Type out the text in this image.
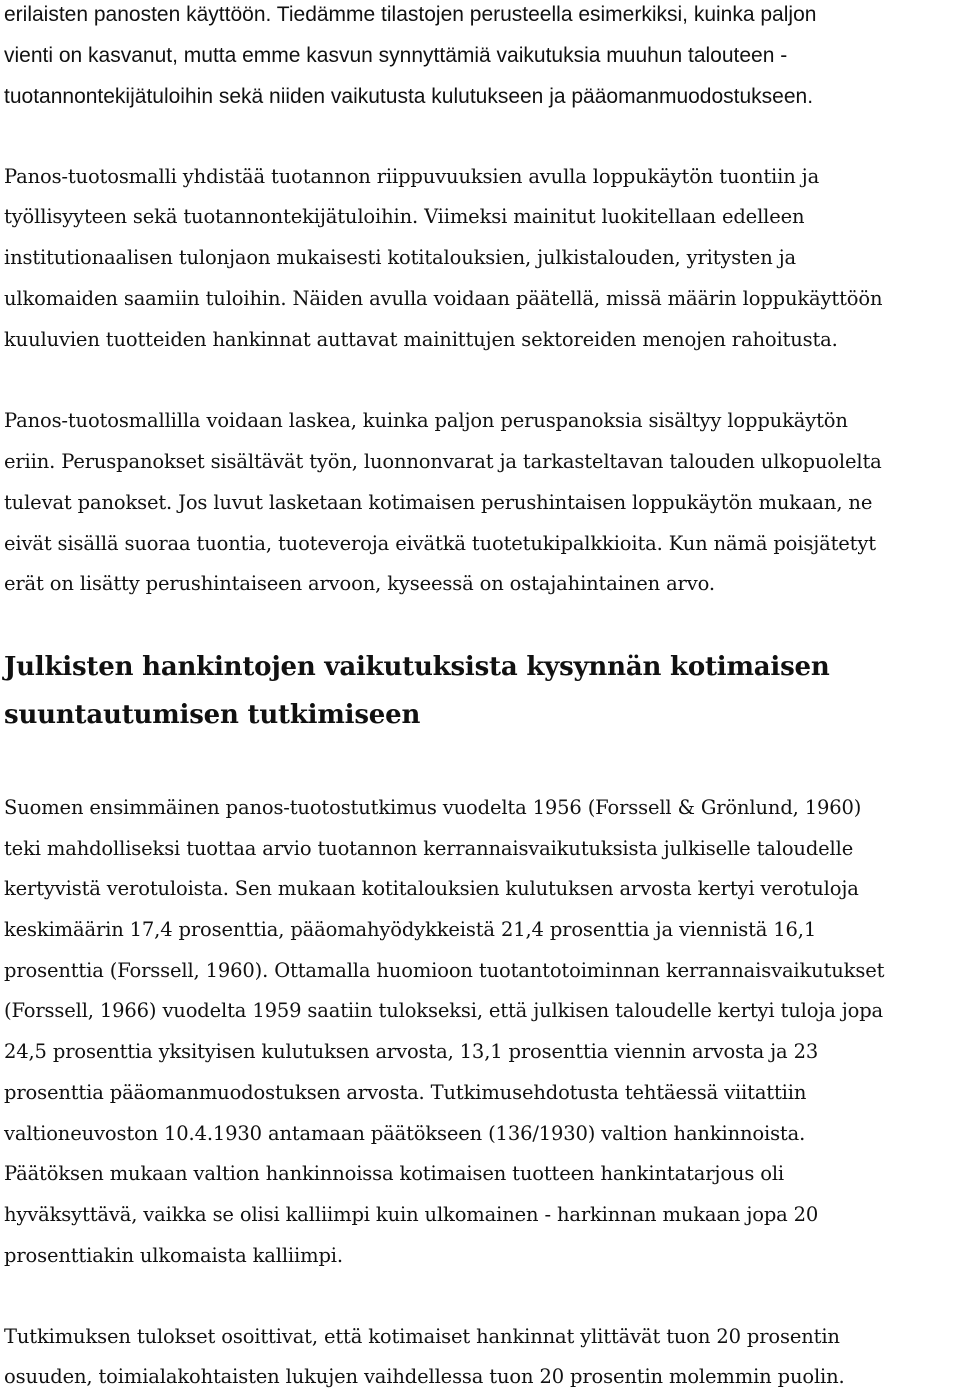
erilaisten panosten käyttöön. Tiedämme tilastojen perusteella esimerkiksi, kuinka paljon
vienti on kasvanut, mutta emme kasvun synnyttämiä vaikutuksia muuhun talouteen -
tuotannontekijätuloihin sekä niiden vaikutusta kulutukseen ja pääomanmuodostukseen.
Panos-tuotosmalli yhdistää tuotannon riippuvuuksien avulla loppukäytön tuontiin ja
työllisyyteen sekä tuotannontekijätuloihin. Viimeksi mainitut luokitellaan edelleen
institutionaalisen tulonjaon mukaisesti kotitalouksien, julkistalouden, yritysten ja
ulkomaiden saamiin tuloihin. Näiden avulla voidaan päätellä, missä määrin loppukäyttöön
kuuluvien tuotteiden hankinnat auttavat mainittujen sektoreiden menojen rahoitusta.
Panos-tuotosmallilla voidaan laskea, kuinka paljon peruspanoksia sisältyy loppukäytön
eriin. Peruspanokset sisältävät työn, luonnonvarat ja tarkasteltavan talouden ulkopuolelta
tulevat panokset. Jos luvut lasketaan kotimaisen perushintaisen loppukäytön mukaan, ne
eivät sisällä suoraa tuontia, tuoteveroja eivätkä tuotetukipalkkioita. Kun nämä poisjätetyt
erät on lisätty perushintaiseen arvoon, kyseessä on ostajahintainen arvo.
Julkisten hankintojen vaikutuksista kysynnän kotimaisen
suuntautumisen tutkimiseen
Suomen ensimmäinen panos-tuotostutkimus vuodelta 1956 (Forssell & Grönlund, 1960)
teki mahdolliseksi tuottaa arvio tuotannon kerrannaisvaikutuksista julkiselle taloudelle
kertyvistä verotuloista. Sen mukaan kotitalouksien kulutuksen arvosta kertyi verotuloja
keskimäärin 17,4 prosenttia, pääomahyödykkeistä 21,4 prosenttia ja viennistä 16,1
prosenttia (Forssell, 1960). Ottamalla huomioon tuotantotoiminnan kerrannaisvaikutukset
(Forssell, 1966) vuodelta 1959 saatiin tulokseksi, että julkisen taloudelle kertyi tuloja jopa
24,5 prosenttia yksityisen kulutuksen arvosta, 13,1 prosenttia viennin arvosta ja 23
prosenttia pääomanmuodostuksen arvosta. Tutkimusehdotusta tehtäessä viitattiin
valtioneuvoston 10.4.1930 antamaan päätökseen (136/1930) valtion hankinnoista.
Päätöksen mukaan valtion hankinnoissa kotimaisen tuotteen hankintatarjous oli
hyväksyttävä, vaikka se olisi kalliimpi kuin ulkomainen - harkinnan mukaan jopa 20
prosenttiakin ulkomaista kalliimpi.
Tutkimuksen tulokset osoittivat, että kotimaiset hankinnat ylittävät tuon 20 prosentin
osuuden, toimialakohtaisten lukujen vaihdellessa tuon 20 prosentin molemmin puolin.
